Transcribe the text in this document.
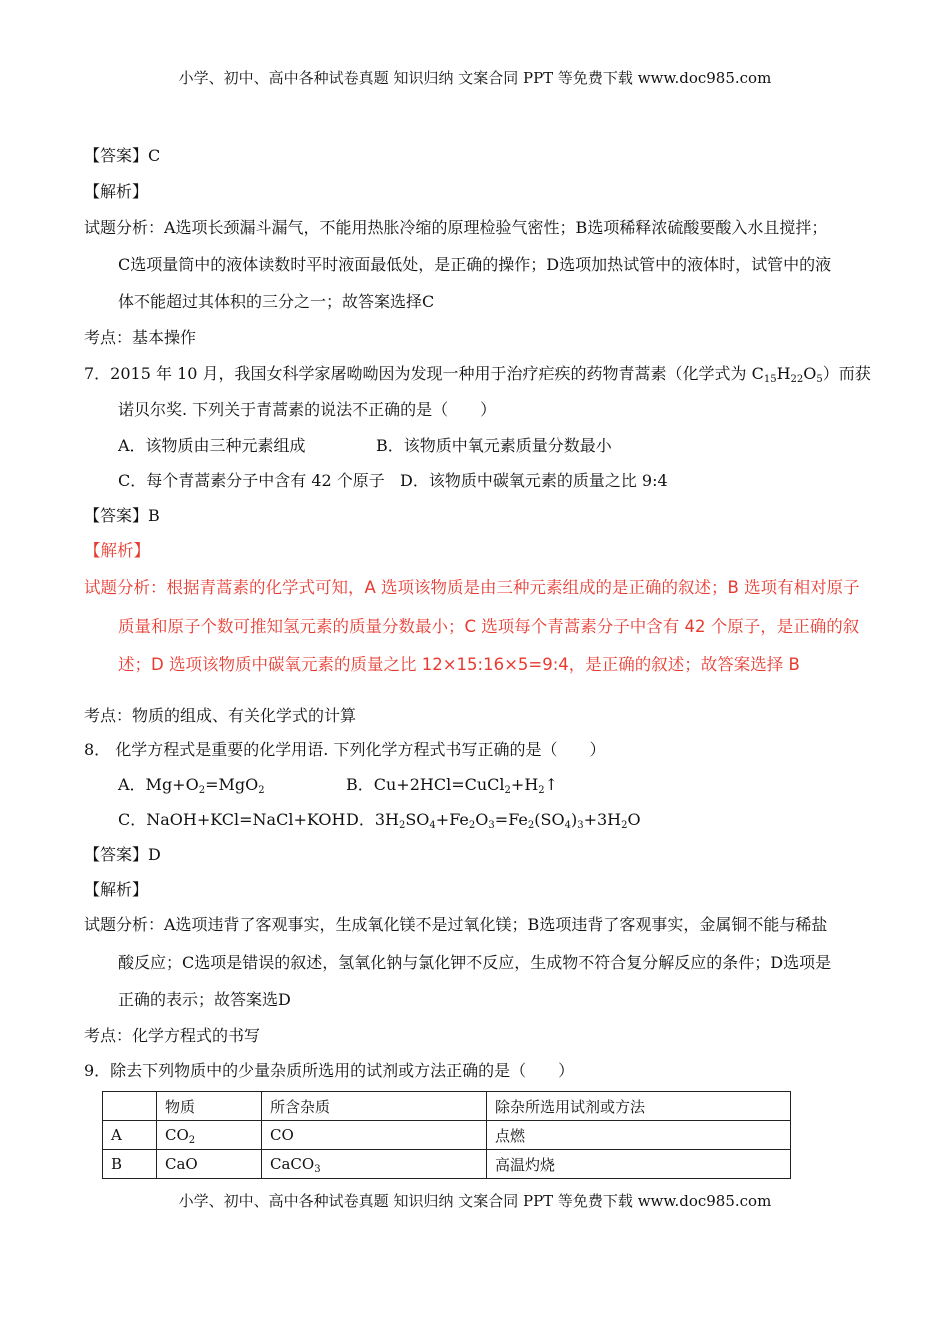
小学、初中、高中各种试卷真题 知识归纳 文案合同 PPT 等免费下载 www.doc985.com
【答案】C
【解析】
试题分析：A选项长颈漏斗漏气，不能用热胀冷缩的原理检验气密性；B选项稀释浓硫酸要酸入水且搅拌；
C选项量筒中的液体读数时平时液面最低处，是正确的操作；D选项加热试管中的液体时，试管中的液
体不能超过其体积的三分之一；故答案选择C
考点：基本操作
7．2015 年 10 月，我国女科学家屠呦呦因为发现一种用于治疗疟疾的药物青蒿素（化学式为 $C_{15}H_{22}O_5$）而获
诺贝尔奖. 下列关于青蒿素的说法不正确的是（　　）
A．该物质由三种元素组成	B．该物质中氧元素质量分数最小
C．每个青蒿素分子中含有 42 个原子 D．该物质中碳氧元素的质量之比 9:4
【答案】B
【解析】
试题分析：根据青蒿素的化学式可知，A 选项该物质是由三种元素组成的是正确的叙述；B 选项有相对原子
质量和原子个数可推知氢元素的质量分数最小；C 选项每个青蒿素分子中含有 42 个原子，是正确的叙
述；D 选项该物质中碳氧元素的质量之比 12×15:16×5=9:4，是正确的叙述；故答案选择 B
考点：物质的组成、有关化学式的计算
8． 化学方程式是重要的化学用语. 下列化学方程式书写正确的是（　　）
A．$Mg+O_2=MgO_2$	B．$Cu+2HCl=CuCl_2+H_2↑$
C．NaOH+KCl=NaCl+KOH D．$3H_2SO_4+Fe_2O_3=Fe_2(SO_4)_3+3H_2O$
【答案】D
【解析】
试题分析：A选项违背了客观事实，生成氧化镁不是过氧化镁；B选项违背了客观事实，金属铜不能与稀盐
酸反应；C选项是错误的叙述，氢氧化钠与氯化钾不反应，生成物不符合复分解反应的条件；D选项是
正确的表示；故答案选D
考点：化学方程式的书写
9．除去下列物质中的少量杂质所选用的试剂或方法正确的是（　　）
	物质	所含杂质	除杂所选用试剂或方法
A	$CO_2$	CO	点燃
B	CaO	CaCO$_3$	高温灼烧
小学、初中、高中各种试卷真题 知识归纳 文案合同 PPT 等免费下载 www.doc985.com
